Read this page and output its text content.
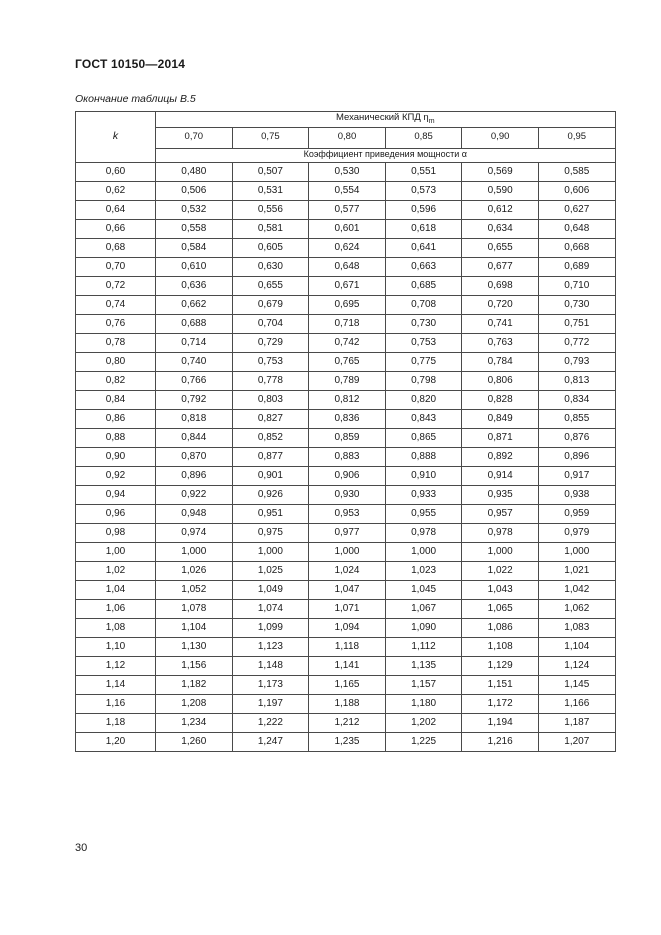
ГОСТ 10150—2014
Окончание таблицы В.5
k	Механический КПД $\eta_m$
	0,70	0,75	0,80	0,85	0,90	0,95
	Коэффициент приведения мощности α					
0,60	0,480	0,507	0,530	0,551	0,569	0,585
0,62	0,506	0,531	0,554	0,573	0,590	0,606
0,64	0,532	0,556	0,577	0,596	0,612	0,627
0,66	0,558	0,581	0,601	0,618	0,634	0,648
0,68	0,584	0,605	0,624	0,641	0,655	0,668
0,70	0,610	0,630	0,648	0,663	0,677	0,689
0,72	0,636	0,655	0,671	0,685	0,698	0,710
0,74	0,662	0,679	0,695	0,708	0,720	0,730
0,76	0,688	0,704	0,718	0,730	0,741	0,751
0,78	0,714	0,729	0,742	0,753	0,763	0,772
0,80	0,740	0,753	0,765	0,775	0,784	0,793
0,82	0,766	0,778	0,789	0,798	0,806	0,813
0,84	0,792	0,803	0,812	0,820	0,828	0,834
0,86	0,818	0,827	0,836	0,843	0,849	0,855
0,88	0,844	0,852	0,859	0,865	0,871	0,876
0,90	0,870	0,877	0,883	0,888	0,892	0,896
0,92	0,896	0,901	0,906	0,910	0,914	0,917
0,94	0,922	0,926	0,930	0,933	0,935	0,938
0,96	0,948	0,951	0,953	0,955	0,957	0,959
0,98	0,974	0,975	0,977	0,978	0,978	0,979
1,00	1,000	1,000	1,000	1,000	1,000	1,000
1,02	1,026	1,025	1,024	1,023	1,022	1,021
1,04	1,052	1,049	1,047	1,045	1,043	1,042
1,06	1,078	1,074	1,071	1,067	1,065	1,062
1,08	1,104	1,099	1,094	1,090	1,086	1,083
1,10	1,130	1,123	1,118	1,112	1,108	1,104
1,12	1,156	1,148	1,141	1,135	1,129	1,124
1,14	1,182	1,173	1,165	1,157	1,151	1,145
1,16	1,208	1,197	1,188	1,180	1,172	1,166
1,18	1,234	1,222	1,212	1,202	1,194	1,187
1,20	1,260	1,247	1,235	1,225	1,216	1,207
30
